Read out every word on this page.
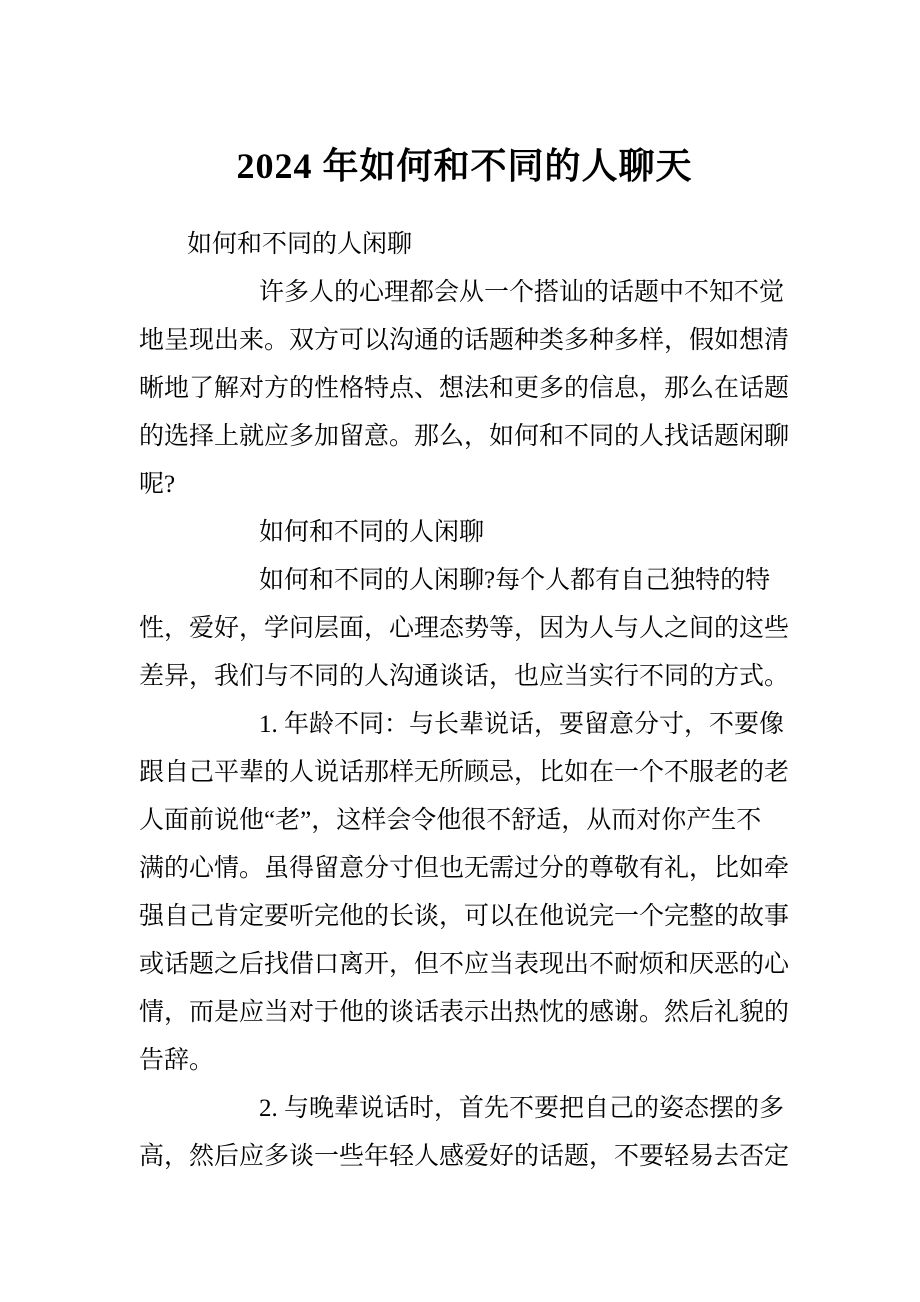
2024 年如何和不同的人聊天
如何和不同的人闲聊
许多人的心理都会从一个搭讪的话题中不知不觉
地呈现出来。双方可以沟通的话题种类多种多样，假如想清
晰地了解对方的性格特点、想法和更多的信息，那么在话题
的选择上就应多加留意。那么，如何和不同的人找话题闲聊
呢?
如何和不同的人闲聊
如何和不同的人闲聊?每个人都有自己独特的特
性，爱好，学问层面，心理态势等，因为人与人之间的这些
差异，我们与不同的人沟通谈话，也应当实行不同的方式。
1. 年龄不同：与长辈说话，要留意分寸，不要像
跟自己平辈的人说话那样无所顾忌，比如在一个不服老的老
人面前说他“老”，这样会令他很不舒适，从而对你产生不
满的心情。虽得留意分寸但也无需过分的尊敬有礼，比如牵
强自己肯定要听完他的长谈，可以在他说完一个完整的故事
或话题之后找借口离开，但不应当表现出不耐烦和厌恶的心
情，而是应当对于他的谈话表示出热忱的感谢。然后礼貌的
告辞。
2. 与晚辈说话时，首先不要把自己的姿态摆的多
高，然后应多谈一些年轻人感爱好的话题，不要轻易去否定
